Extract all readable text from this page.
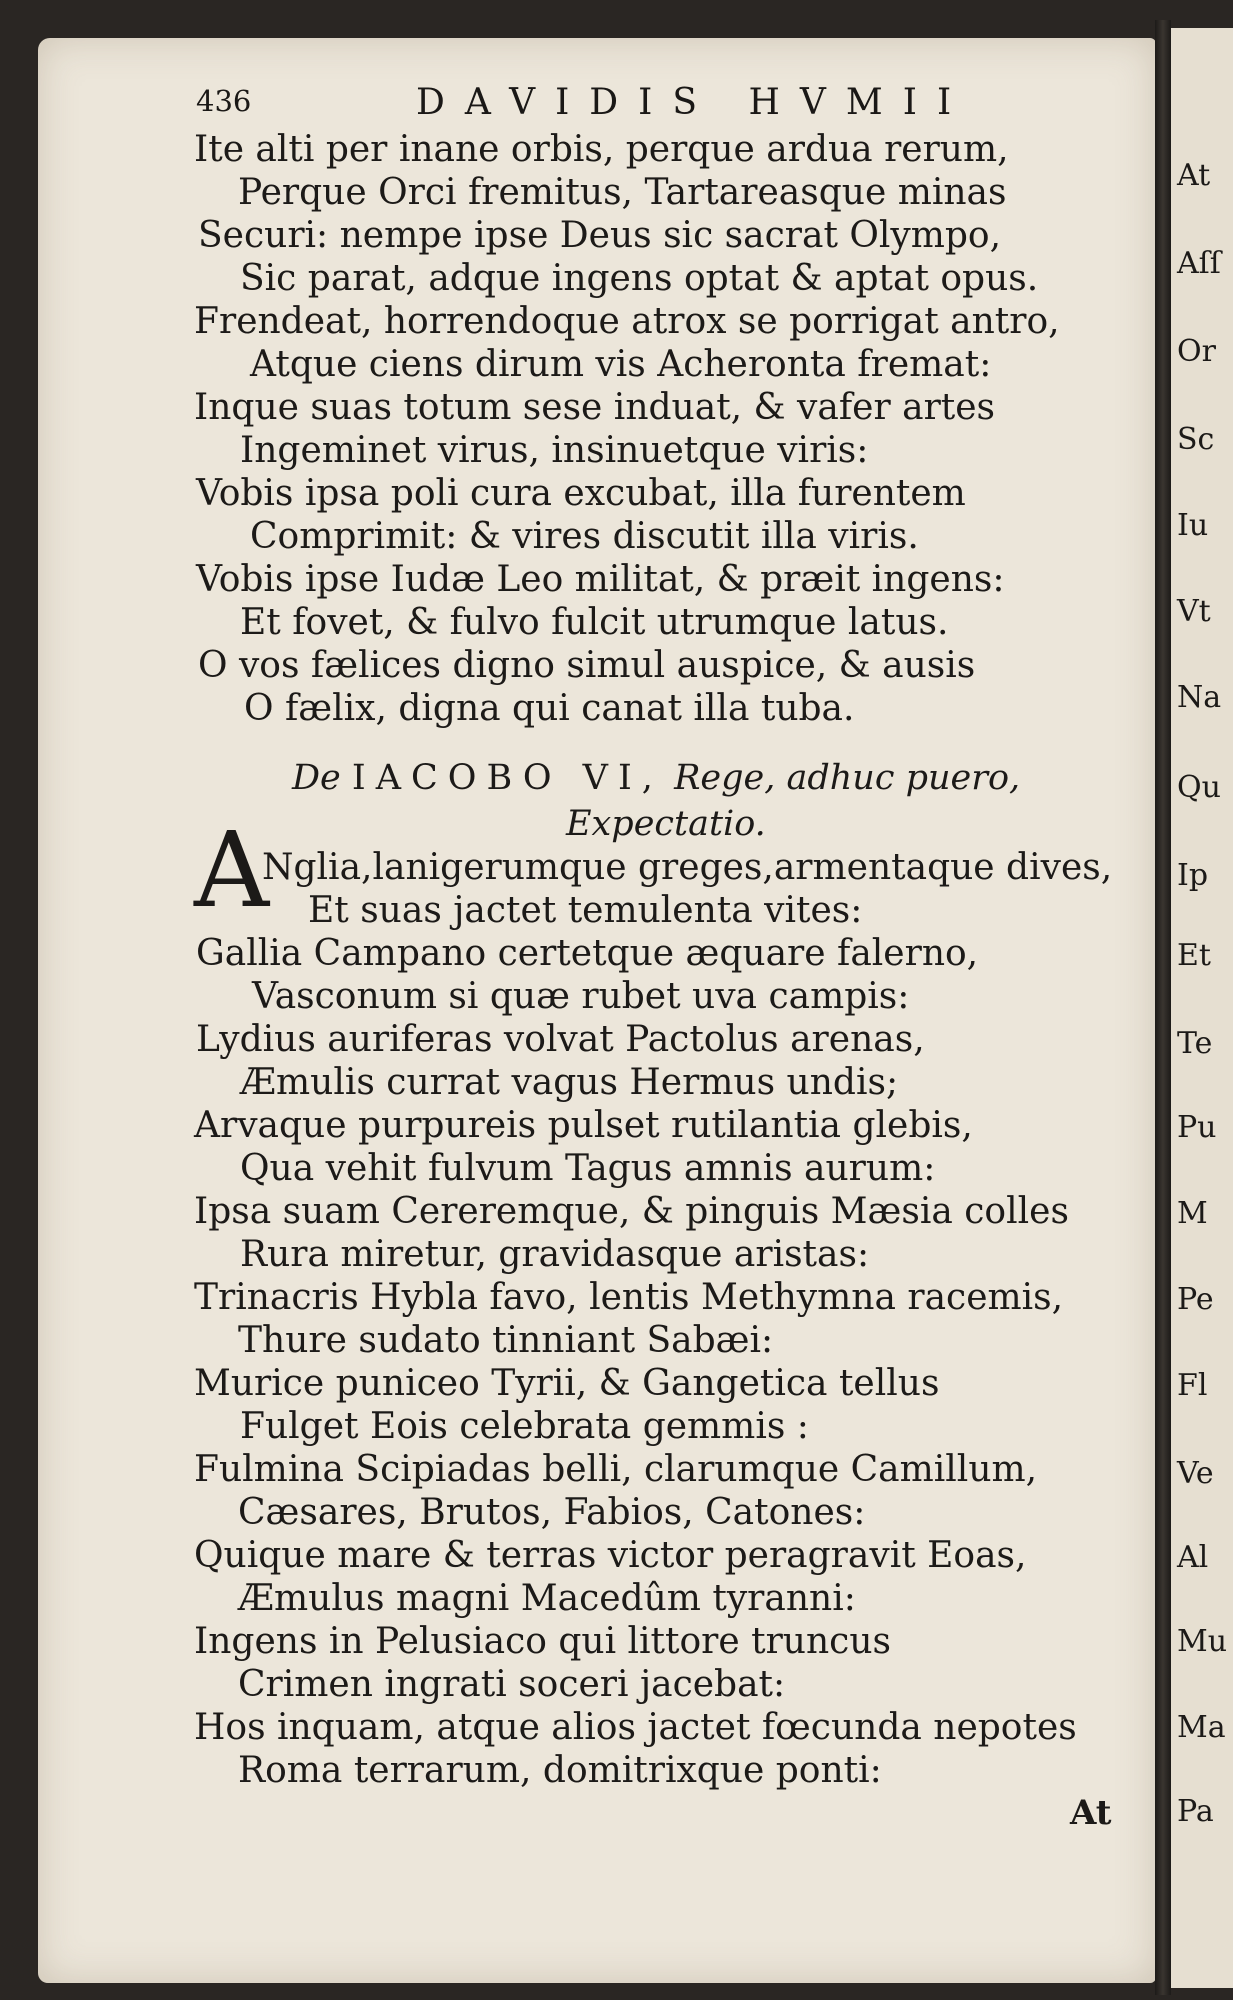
At
Aſſ
Or
Sc
Iu
Vt
Na
Qu
Ip
Et
Te
Pu
M
Pe
Fl
Ve
Al
Mu
Ma
Pa
436	DAVIDIS HVMII
Ite alti per inane orbis, perque ardua rerum,
Perque Orci fremitus, Tartareasque minas
Securi: nempe ipse Deus sic sacrat Olympo,
Sic parat, adque ingens optat & aptat opus.
Frendeat, horrendoque atrox se porrigat antro,
Atque ciens dirum vis Acheronta fremat:
Inque suas totum sese induat, & vafer artes
Ingeminet virus, insinuetque viris:
Vobis ipsa poli cura excubat, illa furentem
Comprimit: & vires discutit illa viris.
Vobis ipse Iudæ Leo militat, & præit ingens:
Et fovet, & fulvo fulcit utrumque latus.
O vos fælices digno simul auspice, & ausis
O fælix, digna qui canat illa tuba.
De IACOBO VI, Rege, adhuc puero,
Expectatio.
A
Nglia,lanigerumque greges,armentaque dives,
Et suas jactet temulenta vites:
Gallia Campano certetque æquare falerno,
Vasconum si quæ rubet uva campis:
Lydius auriferas volvat Pactolus arenas,
Æmulis currat vagus Hermus undis;
Arvaque purpureis pulset rutilantia glebis,
Qua vehit fulvum Tagus amnis aurum:
Ipsa suam Cereremque, & pinguis Mæsia colles
Rura miretur, gravidasque aristas:
Trinacris Hybla favo, lentis Methymna racemis,
Thure sudato tinniant Sabæi:
Murice puniceo Tyrii, & Gangetica tellus
Fulget Eois celebrata gemmis :
Fulmina Scipiadas belli, clarumque Camillum,
Cæsares, Brutos, Fabios, Catones:
Quique mare & terras victor peragravit Eoas,
Æmulus magni Macedûm tyranni:
Ingens in Pelusiaco qui littore truncus
Crimen ingrati soceri jacebat:
Hos inquam, atque alios jactet fœcunda nepotes
Roma terrarum, domitrixque ponti:
At
